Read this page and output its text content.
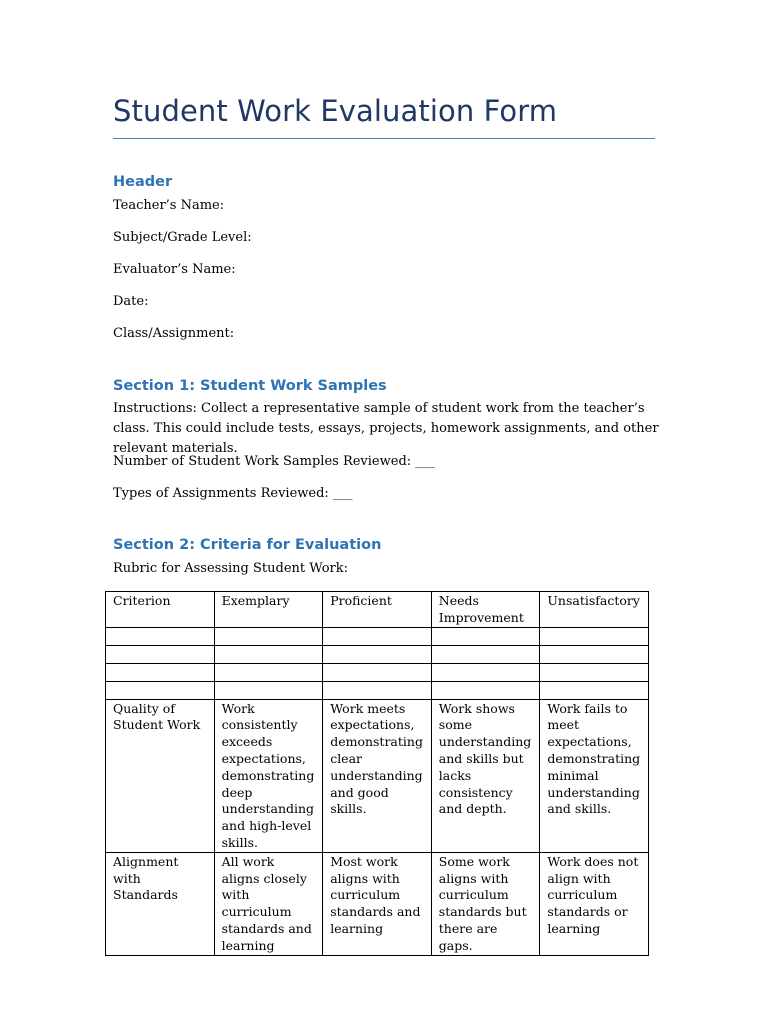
Student Work Evaluation Form
Header
Teacher’s Name:
Subject/Grade Level:
Evaluator’s Name:
Date:
Class/Assignment:
Section 1: Student Work Samples
Instructions: Collect a representative sample of student work from the teacher’s class. This could include tests, essays, projects, homework assignments, and other relevant materials.
Number of Student Work Samples Reviewed: ___
Types of Assignments Reviewed: ___
Section 2: Criteria for Evaluation
Rubric for Assessing Student Work:
Criterion	Exemplary	Proficient	Needs Improvement	Unsatisfactory

Quality of Student Work	Work consistently exceeds expectations, demonstrating deep understanding and high-level skills.	Work meets expectations, demonstrating clear understanding and good skills.	Work shows some understanding and skills but lacks consistency and depth.	Work fails to meet expectations, demonstrating minimal understanding and skills.
Alignment with Standards	All work aligns closely with curriculum standards and learning	Most work aligns with curriculum standards and learning	Some work aligns with curriculum standards but there are gaps.	Work does not align with curriculum standards or learning
